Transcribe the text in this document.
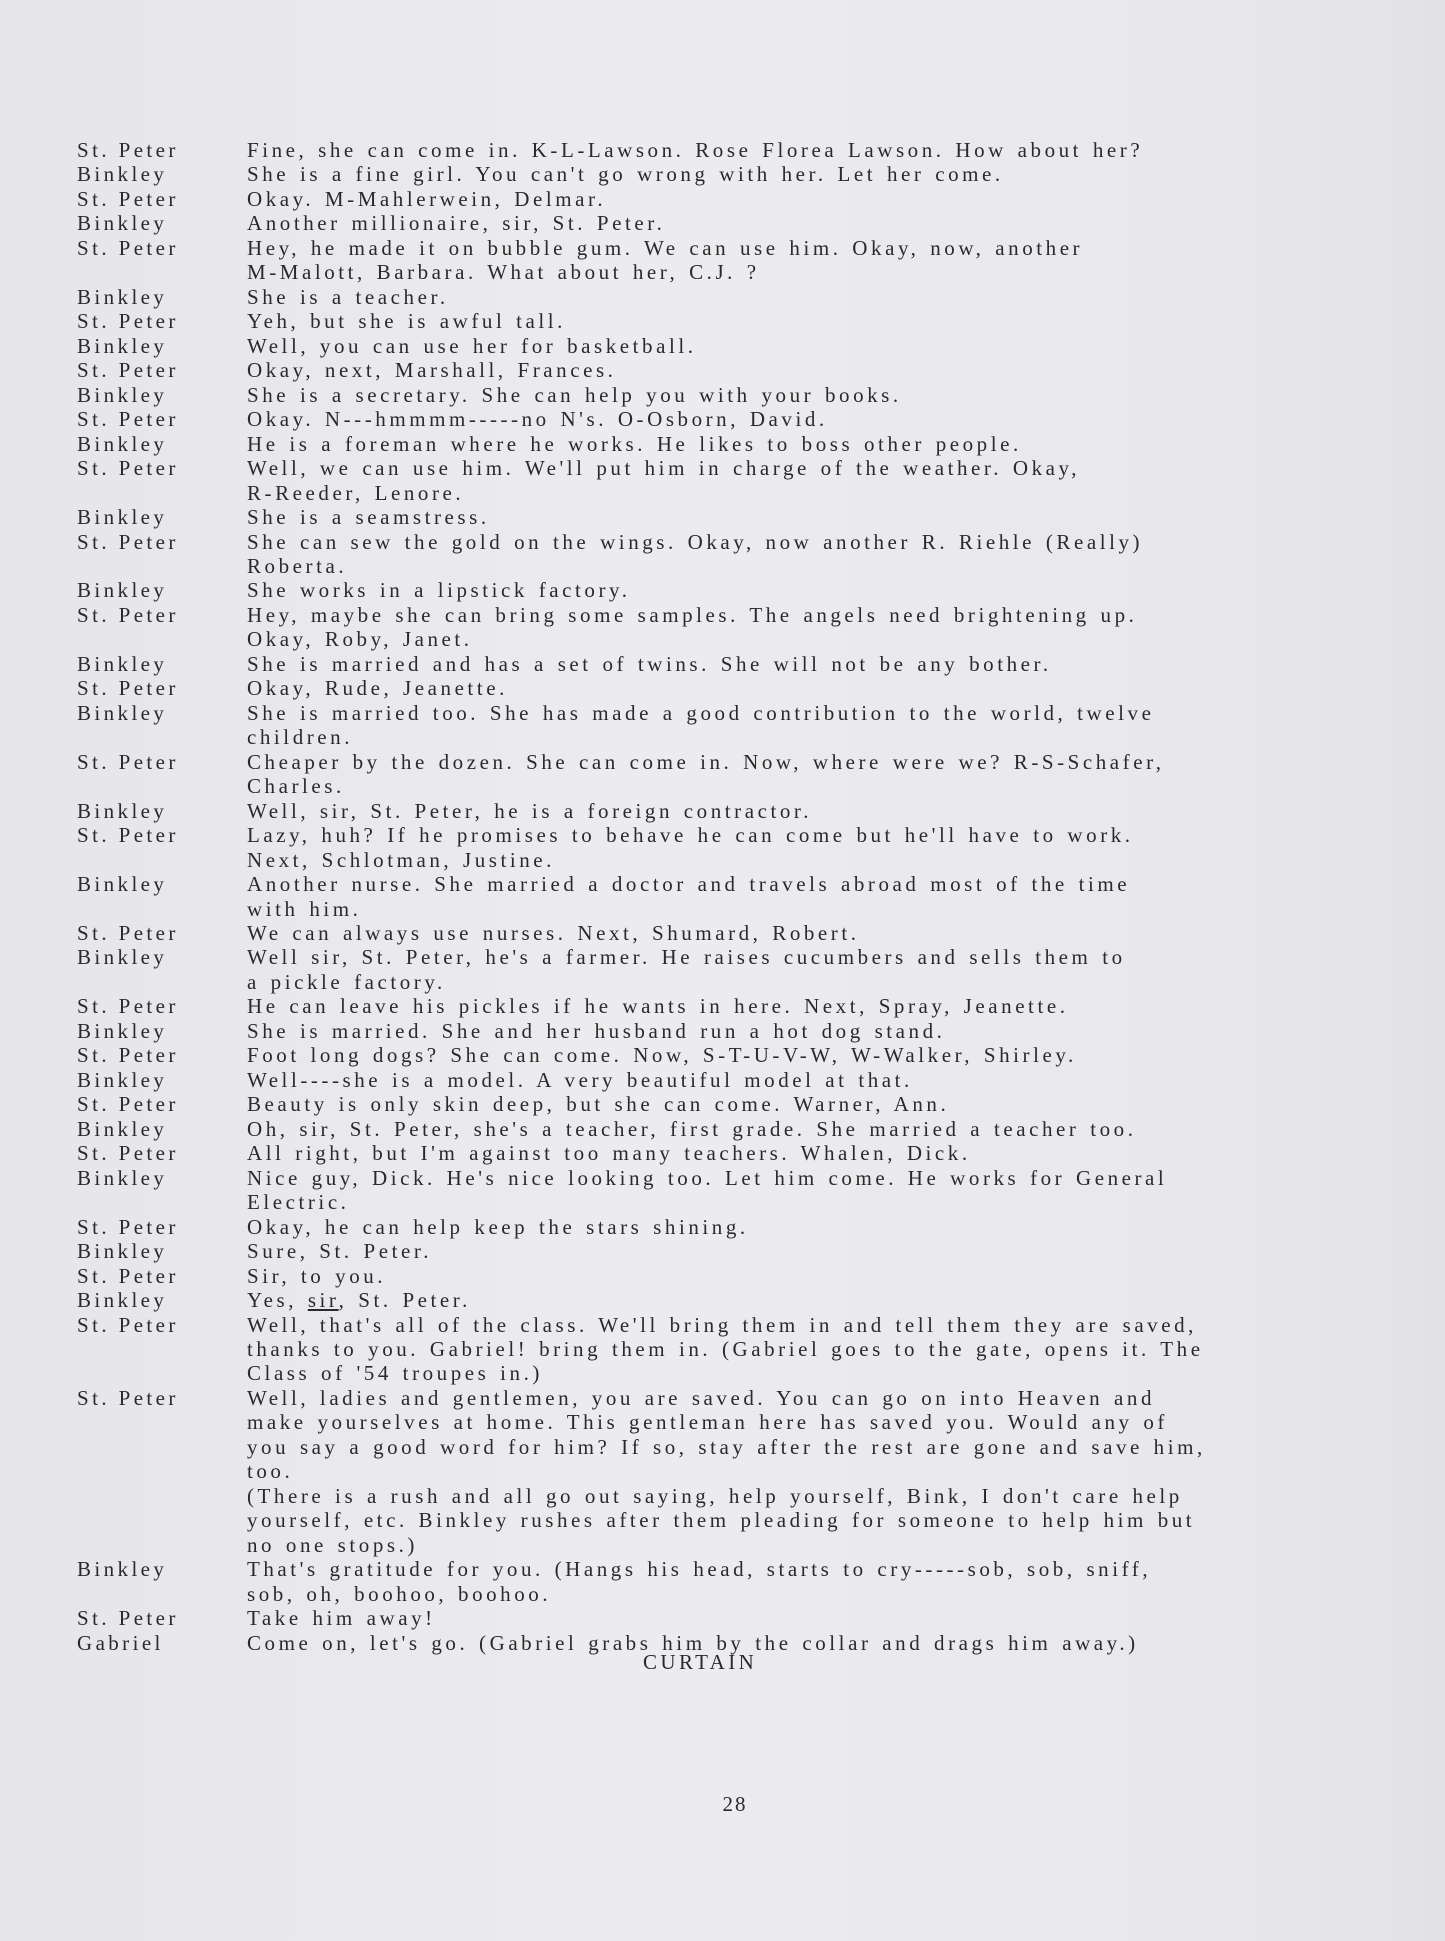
St. Peter	Fine, she can come in. K-L-Lawson. Rose Florea Lawson. How about her?
Binkley	She is a fine girl. You can't go wrong with her. Let her come.
St. Peter	Okay. M-Mahlerwein, Delmar.
Binkley	Another millionaire, sir, St. Peter.
St. Peter	Hey, he made it on bubble gum. We can use him. Okay, now, another
M-Malott, Barbara. What about her, C.J. ?
Binkley	She is a teacher.
St. Peter	Yeh, but she is awful tall.
Binkley	Well, you can use her for basketball.
St. Peter	Okay, next, Marshall, Frances.
Binkley	She is a secretary. She can help you with your books.
St. Peter	Okay. N---hmmmm-----no N's. O-Osborn, David.
Binkley	He is a foreman where he works. He likes to boss other people.
St. Peter	Well, we can use him. We'll put him in charge of the weather. Okay,
R-Reeder, Lenore.
Binkley	She is a seamstress.
St. Peter	She can sew the gold on the wings. Okay, now another R. Riehle (Really)
Roberta.
Binkley	She works in a lipstick factory.
St. Peter	Hey, maybe she can bring some samples. The angels need brightening up.
Okay, Roby, Janet.
Binkley	She is married and has a set of twins. She will not be any bother.
St. Peter	Okay, Rude, Jeanette.
Binkley	She is married too. She has made a good contribution to the world, twelve
children.
St. Peter	Cheaper by the dozen. She can come in. Now, where were we? R-S-Schafer,
Charles.
Binkley	Well, sir, St. Peter, he is a foreign contractor.
St. Peter	Lazy, huh? If he promises to behave he can come but he'll have to work.
Next, Schlotman, Justine.
Binkley	Another nurse. She married a doctor and travels abroad most of the time
with him.
St. Peter	We can always use nurses. Next, Shumard, Robert.
Binkley	Well sir, St. Peter, he's a farmer. He raises cucumbers and sells them to
a pickle factory.
St. Peter	He can leave his pickles if he wants in here. Next, Spray, Jeanette.
Binkley	She is married. She and her husband run a hot dog stand.
St. Peter	Foot long dogs? She can come. Now, S-T-U-V-W, W-Walker, Shirley.
Binkley	Well----she is a model. A very beautiful model at that.
St. Peter	Beauty is only skin deep, but she can come. Warner, Ann.
Binkley	Oh, sir, St. Peter, she's a teacher, first grade. She married a teacher too.
St. Peter	All right, but I'm against too many teachers. Whalen, Dick.
Binkley	Nice guy, Dick. He's nice looking too. Let him come. He works for General
Electric.
St. Peter	Okay, he can help keep the stars shining.
Binkley	Sure, St. Peter.
St. Peter	Sir, to you.
Binkley	Yes, sir, St. Peter.
St. Peter	Well, that's all of the class. We'll bring them in and tell them they are saved,
thanks to you. Gabriel! bring them in. (Gabriel goes to the gate, opens it. The
Class of '54 troupes in.)
St. Peter	Well, ladies and gentlemen, you are saved. You can go on into Heaven and
make yourselves at home. This gentleman here has saved you. Would any of
you say a good word for him? If so, stay after the rest are gone and save him,
too.
(There is a rush and all go out saying, help yourself, Bink, I don't care help
yourself, etc. Binkley rushes after them pleading for someone to help him but
no one stops.)
Binkley	That's gratitude for you. (Hangs his head, starts to cry-----sob, sob, sniff,
sob, oh, boohoo, boohoo.
St. Peter	Take him away!
Gabriel	Come on, let's go. (Gabriel grabs him by the collar and drags him away.)
CURTAIN
28
